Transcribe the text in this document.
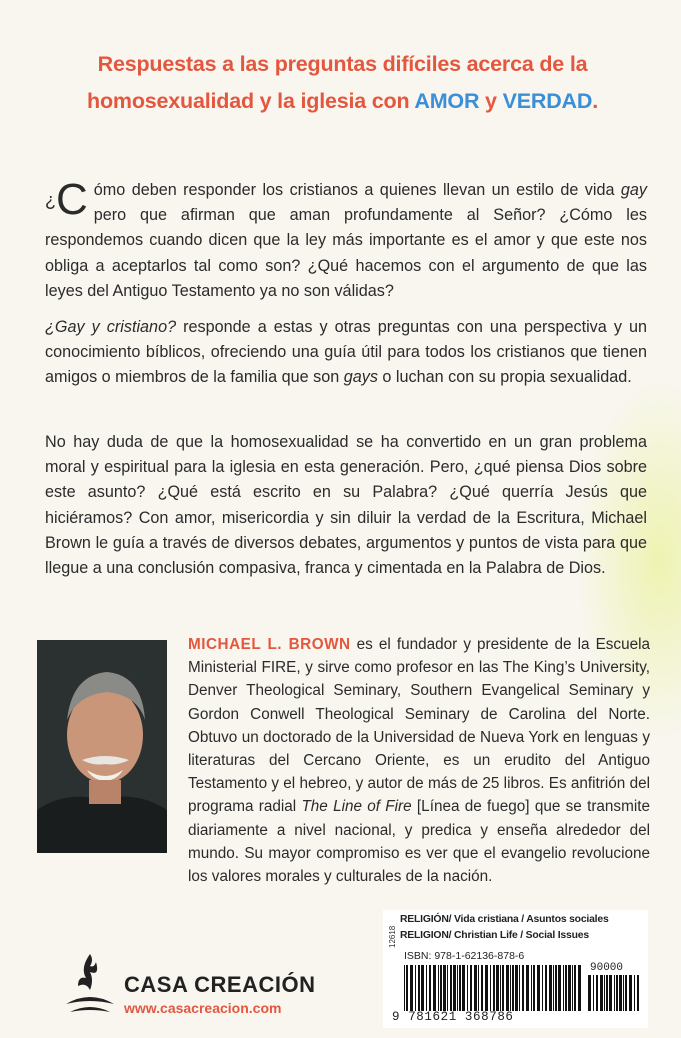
Respuestas a las preguntas difíciles acerca de la
homosexualidad y la iglesia con AMOR y VERDAD.
¿C ómo deben responder los cristianos a quienes llevan un estilo de vida gay pero que afirman que aman profundamente al Señor? ¿Cómo les respondemos cuando dicen que la ley más importante es el amor y que este nos obliga a aceptarlos tal como son? ¿Qué hacemos con el argumento de que las leyes del Antiguo Testamento ya no son válidas?
¿Gay y cristiano? responde a estas y otras preguntas con una perspectiva y un conocimiento bíblicos, ofreciendo una guía útil para todos los cristianos que tienen amigos o miembros de la familia que son gays o luchan con su propia sexualidad.
No hay duda de que la homosexualidad se ha convertido en un gran problema moral y espiritual para la iglesia en esta generación. Pero, ¿qué piensa Dios sobre este asunto? ¿Qué está escrito en su Palabra? ¿Qué querría Jesús que hiciéramos? Con amor, misericordia y sin diluir la verdad de la Escritura, Michael Brown le guía a través de diversos debates, argumentos y puntos de vista para que llegue a una conclusión compasiva, franca y cimentada en la Palabra de Dios.
MICHAEL L. BROWN es el fundador y presidente de la Escuela Ministerial FIRE, y sirve como profesor en las The King’s University, Denver Theological Seminary, Southern Evangelical Seminary y Gordon Conwell Theological Seminary de Carolina del Norte. Obtuvo un doctorado de la Universidad de Nueva York en lenguas y literaturas del Cercano Oriente, es un erudito del Antiguo Testamento y el hebreo, y autor de más de 25 libros. Es anfitrión del programa radial The Line of Fire [Línea de fuego] que se transmite diariamente a nivel nacional, y predica y enseña alrededor del mundo. Su mayor compromiso es ver que el evangelio revolucione los valores morales y culturales de la nación.
CASA CREACIÓN
www.casacreacion.com
12618
RELIGIÓN/ Vida cristiana / Asuntos sociales
RELIGION/ Christian Life / Social Issues
ISBN: 978-1-62136-878-6
90000
9 781621 368786
